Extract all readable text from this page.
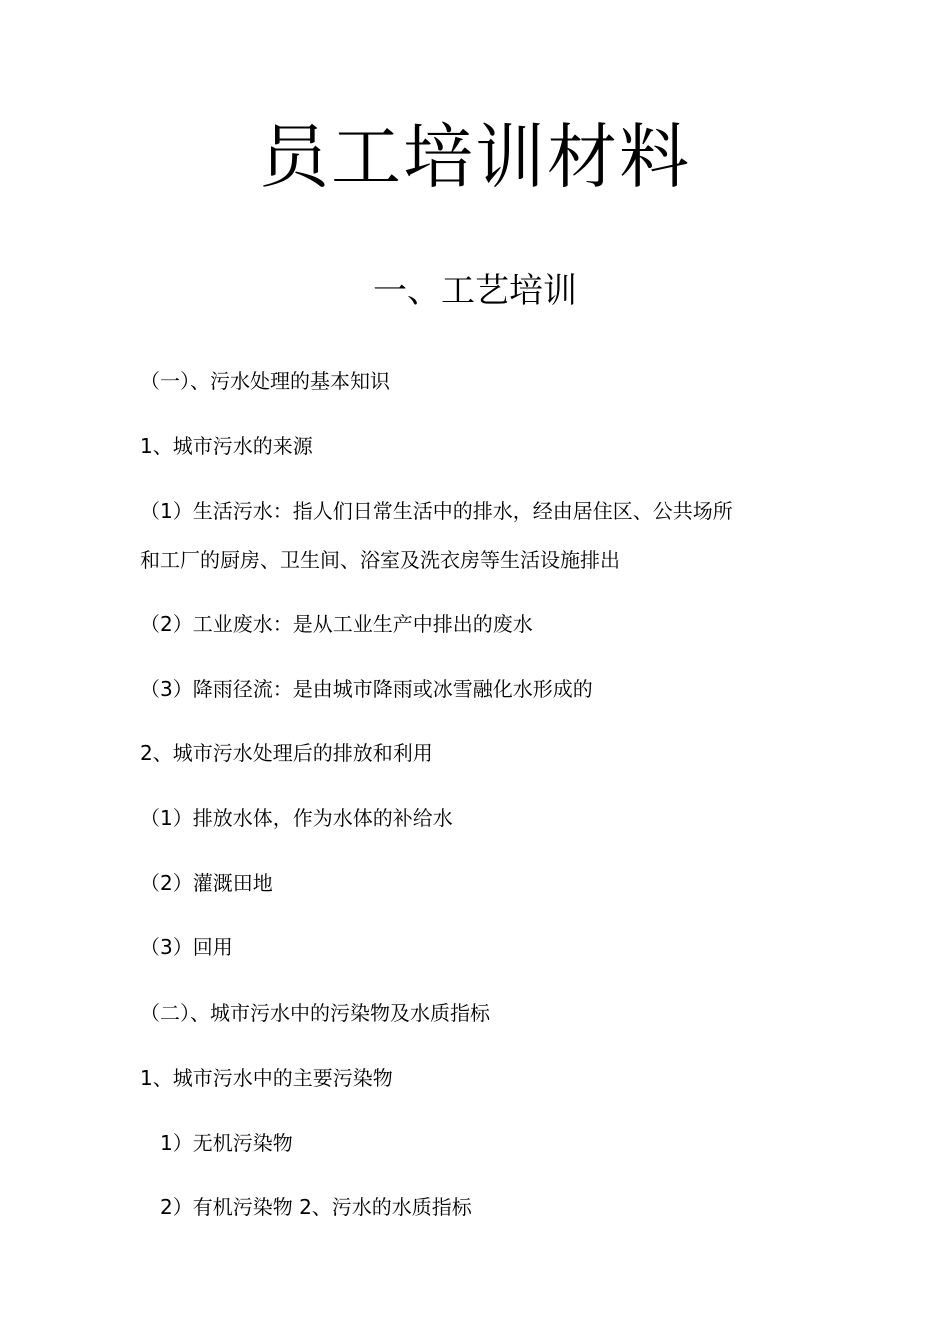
员工培训材料
一、工艺培训

（一）、污水处理的基本知识

1、城市污水的来源

（1）生活污水：指人们日常生活中的排水，经由居住区、公共场所

和工厂的厨房、卫生间、浴室及洗衣房等生活设施排出

（2）工业废水：是从工业生产中排出的废水

（3）降雨径流：是由城市降雨或冰雪融化水形成的

2、城市污水处理后的排放和利用

（1）排放水体，作为水体的补给水

（2）灌溉田地

（3）回用

（二）、城市污水中的污染物及水质指标

1、城市污水中的主要污染物

1）无机污染物

2）有机污染物 2、污水的水质指标
